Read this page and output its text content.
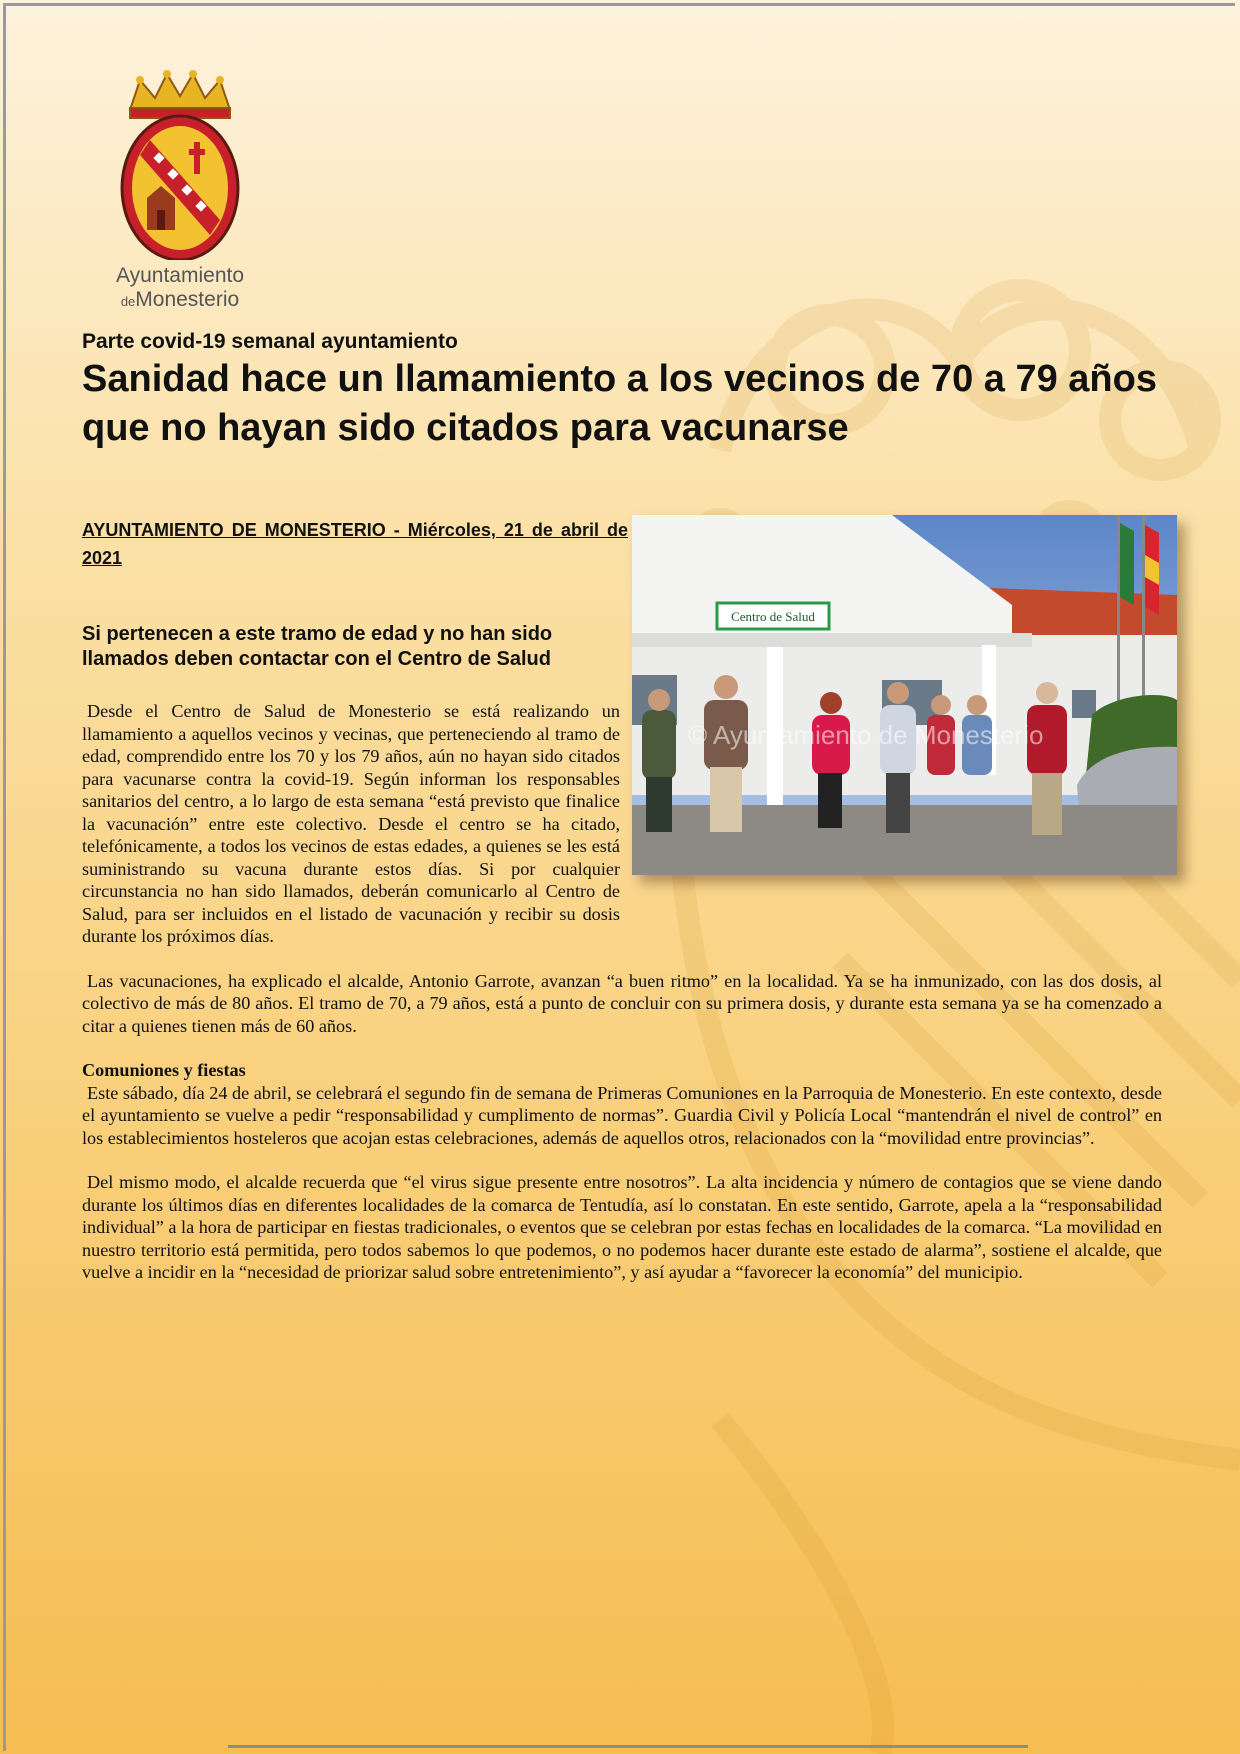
Ayuntamiento
deMonesterio

Parte covid-19 semanal ayuntamiento

Sanidad hace un llamamiento a los vecinos de 70 a 79 años que no hayan sido citados para vacunarse

AYUNTAMIENTO DE MONESTERIO - Miércoles, 21 de abril de 2021

Si pertenecen a este tramo de edad y no han sido llamados deben contactar con el Centro de Salud
Centro de Salud
© Ayuntamiento de Monesterio

Desde el Centro de Salud de Monesterio se está realizando un llamamiento a aquellos vecinos y vecinas, que perteneciendo al tramo de edad, comprendido entre los 70 y los 79 años, aún no hayan sido citados para vacunarse contra la covid-19. Según informan los responsables sanitarios del centro, a lo largo de esta semana “está previsto que finalice la vacunación” entre este colectivo. Desde el centro se ha citado, telefónicamente, a todos los vecinos de estas edades, a quienes se les está suministrando su vacuna durante estos días. Si por cualquier circunstancia no han sido llamados, deberán comunicarlo al Centro de Salud, para ser incluidos en el listado de vacunación y recibir su dosis durante los próximos días.

Las vacunaciones, ha explicado el alcalde, Antonio Garrote, avanzan “a buen ritmo” en la localidad. Ya se ha inmunizado, con las dos dosis, al colectivo de más de 80 años. El tramo de 70, a 79 años, está a punto de concluir con su primera dosis, y durante esta semana ya se ha comenzado a citar a quienes tienen más de 60 años.

Comuniones y fiestas

Este sábado, día 24 de abril, se celebrará el segundo fin de semana de Primeras Comuniones en la Parroquia de Monesterio. En este contexto, desde el ayuntamiento se vuelve a pedir “responsabilidad y cumplimento de normas”. Guardia Civil y Policía Local “mantendrán el nivel de control” en los establecimientos hosteleros que acojan estas celebraciones, además de aquellos otros, relacionados con la “movilidad entre provincias”.

Del mismo modo, el alcalde recuerda que “el virus sigue presente entre nosotros”. La alta incidencia y número de contagios que se viene dando durante los últimos días en diferentes localidades de la comarca de Tentudía, así lo constatan. En este sentido, Garrote, apela a la “responsabilidad individual” a la hora de participar en fiestas tradicionales, o eventos que se celebran por estas fechas en localidades de la comarca. “La movilidad en nuestro territorio está permitida, pero todos sabemos lo que podemos, o no podemos hacer durante este estado de alarma”, sostiene el alcalde, que vuelve a incidir en la “necesidad de priorizar salud sobre entretenimiento”, y así ayudar a “favorecer la economía” del municipio.
